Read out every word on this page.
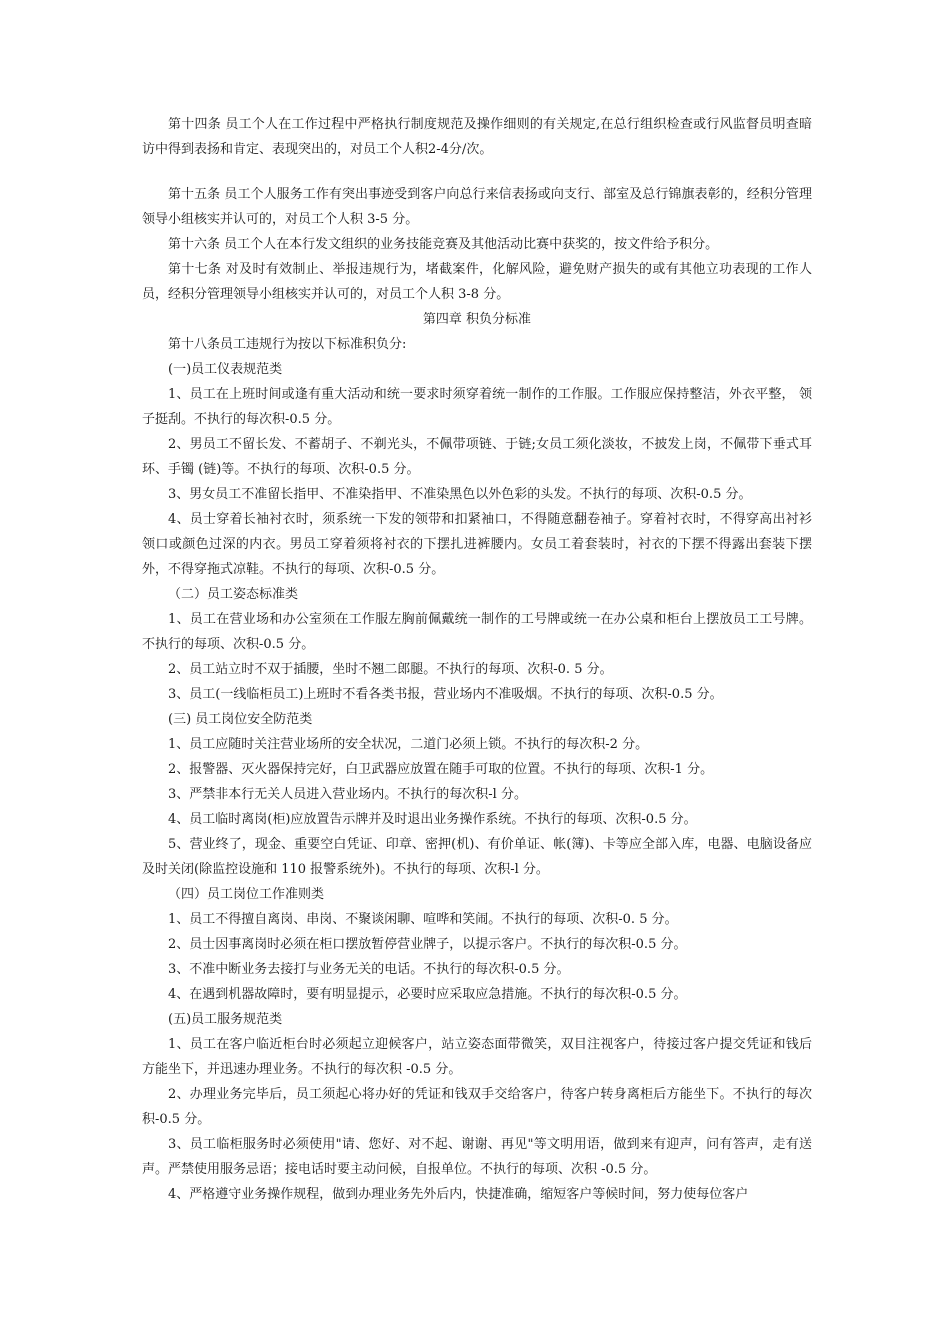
第十四条 员工个人在工作过程中严格执行制度规范及操作细则的有关规定,在总行组织检查或行风监督员明查暗访中得到表扬和肯定、表现突出的，对员工个人积2-4分/次。

第十五条 员工个人服务工作有突出事迹受到客户向总行来信表扬或向支行、部室及总行锦旗表彰的，经积分管理领导小组核实并认可的，对员工个人积 3-5 分。

第十六条 员工个人在本行发文组织的业务技能竞赛及其他活动比赛中获奖的，按文件给予积分。

第十七条 对及时有效制止、举报违规行为，堵截案件，化解风险，避免财产损失的或有其他立功表现的工作人员，经积分管理领导小组核实并认可的，对员工个人积 3-8 分。

第四章 积负分标准

第十八条员工违规行为按以下标准积负分:

(一)员工仪表规范类

1、员工在上班时间或逢有重大活动和统一要求时须穿着统一制作的工作服。工作服应保持整洁，外衣平整， 领子挺刮。不执行的每次积-0.5 分。

2、男员工不留长发、不蓄胡子、不剃光头，不佩带项链、于链;女员工须化淡妆，不披发上岗，不佩带下垂式耳环、手镯 (链)等。不执行的每项、次积-0.5 分。

3、男女员工不准留长指甲、不准染指甲、不准染黑色以外色彩的头发。不执行的每项、次积-0.5 分。

4、员士穿着长袖衬衣时，须系统一下发的领带和扣紧袖口，不得随意翻卷袖子。穿着衬衣时，不得穿高出衬衫领口或颜色过深的内衣。男员工穿着须将衬衣的下摆扎进裤腰内。女员工着套装时，衬衣的下摆不得露出套装下摆外，不得穿拖式凉鞋。不执行的每项、次积-0.5 分。

（二）员工姿态标准类

1、员工在营业场和办公室须在工作服左胸前佩戴统一制作的工号牌或统一在办公桌和柜台上摆放员工工号牌。 不执行的每项、次积-0.5 分。

2、员工站立时不双于插腰，坐时不翘二郎腿。不执行的每项、次积-0. 5 分。

3、员工(一线临柜员工)上班时不看各类书报，营业场内不准吸烟。不执行的每项、次积-0.5 分。

(三) 员工岗位安全防范类

1、员工应随时关注营业场所的安全状况，二道门必须上锁。不执行的每次积-2 分。

2、报警器、灭火器保持完好，白卫武器应放置在随手可取的位置。不执行的每项、次积-1 分。

3、严禁非本行无关人员进入营业场内。不执行的每次积-l 分。

4、员工临时离岗(柜)应放置告示牌并及时退出业务操作系统。不执行的每项、次积-0.5 分。

5、营业终了，现金、重要空白凭证、印章、密押(机)、有价单证、帐(簿)、卡等应全部入库，电器、电脑设备应及时关闭(除监控设施和 110 报警系统外)。不执行的每项、次积-l 分。

（四）员工岗位工作准则类

1、员工不得擅自离岗、串岗、不聚谈闲聊、喧哗和笑闹。不执行的每项、次积-0. 5 分。

2、员士因事离岗时必须在柜口摆放暂停营业牌子，以提示客户。不执行的每次积-0.5 分。

3、不准中断业务去接打与业务无关的电话。不执行的每次积-0.5 分。

4、在遇到机器故障时，要有明显提示，必要时应采取应急措施。不执行的每次积-0.5 分。

(五)员工服务规范类

1、员工在客户临近柜台时必须起立迎候客户，站立姿态面带微笑，双目注视客户，待接过客户提交凭证和钱后方能坐下，并迅速办理业务。不执行的每次积 -0.5 分。

2、办理业务完毕后，员工须起心将办好的凭证和钱双手交给客户，待客户转身离柜后方能坐下。不执行的每次积-0.5 分。

3、员工临柜服务时必须使用"请、您好、对不起、谢谢、再见"等文明用语，做到来有迎声，问有答声，走有送声。严禁使用服务忌语；接电话时要主动问候，自报单位。不执行的每项、次积 -0.5 分。

4、严格遵守业务操作规程，做到办理业务先外后内，快捷准确，缩短客户等候时间，努力使每位客户
